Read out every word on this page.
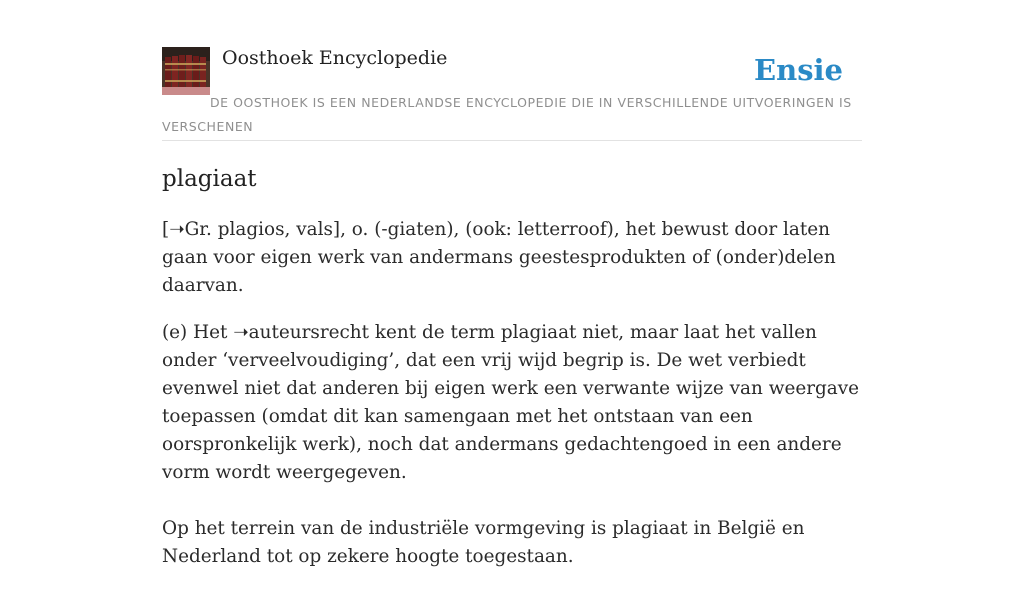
Oosthoek Encyclopedie	Ensie
DE OOSTHOEK IS EEN NEDERLANDSE ENCYCLOPEDIE DIE IN VERSCHILLENDE UITVOERINGEN IS VERSCHENEN
plagiaat

[➝Gr. plagios, vals], o. (-giaten), (ook: letterroof), het bewust door laten gaan voor eigen werk van andermans geestesprodukten of (onder)delen daarvan.

(e) Het ➝auteursrecht kent de term plagiaat niet, maar laat het vallen onder ‘verveelvoudiging’, dat een vrij wijd begrip is. De wet verbiedt evenwel niet dat anderen bij eigen werk een verwante wijze van weergave toepassen (omdat dit kan samengaan met het ontstaan van een oorspronkelijk werk), noch dat andermans gedachtengoed in een andere vorm wordt weergegeven.

Op het terrein van de industriële vormgeving is plagiaat in België en Nederland tot op zekere hoogte toegestaan.
